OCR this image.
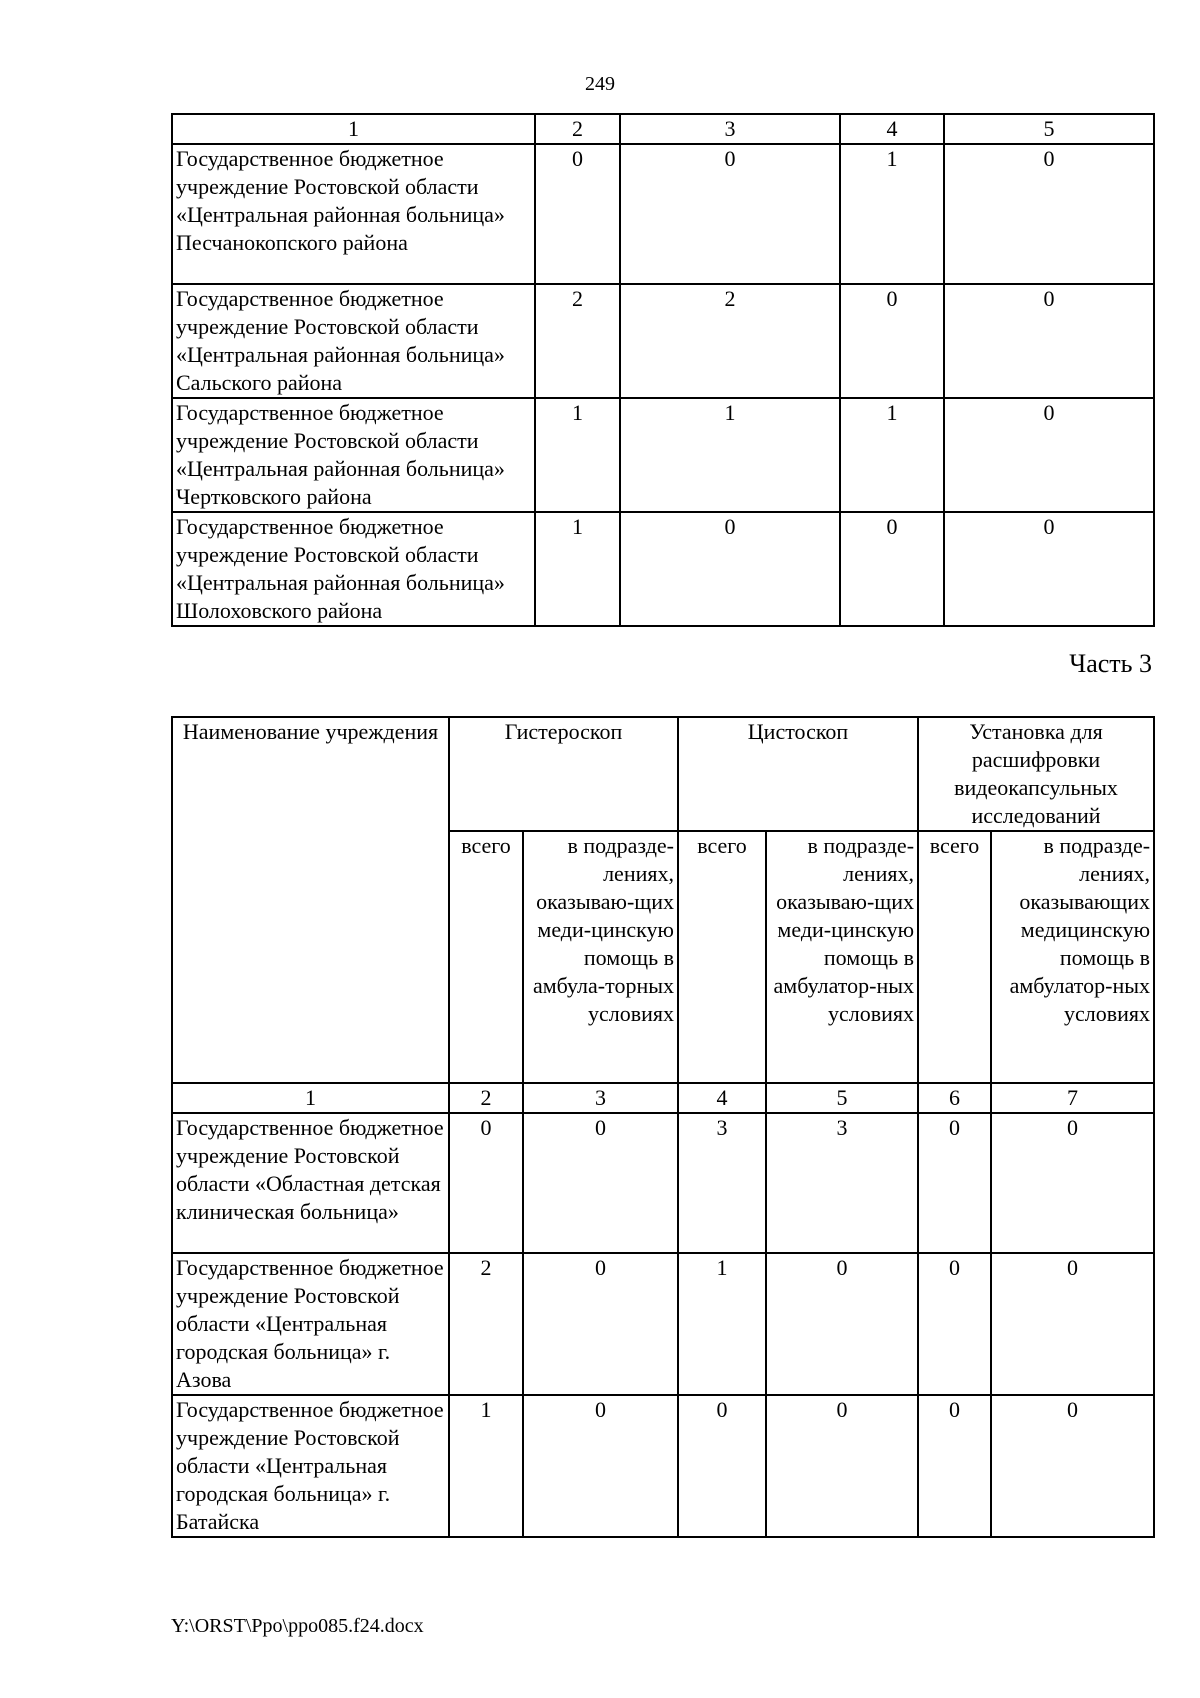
249
1	2	3	4	5
Государственное бюджетное учреждение Ростовской области «Центральная районная больница» Песчанокопского района	0	0	1	0
Государственное бюджетное учреждение Ростовской области «Центральная районная больница» Сальского района	2	2	0	0
Государственное бюджетное учреждение Ростовской области «Центральная районная больница» Чертковского района	1	1	1	0
Государственное бюджетное учреждение Ростовской области «Центральная районная больница» Шолоховского района	1	0	0	0
Часть 3
Наименование учреждения	Гистероскоп		Цистоскоп		Установка для расшифровки видеокапсульных исследований	
	всего	в подразде-лениях, оказываю-щих меди-цинскую помощь в амбула-торных условиях	всего	в подразде-лениях, оказываю-щих меди-цинскую помощь в амбулатор-ных условиях	всего	в подразде-лениях, оказывающих медицинскую помощь в амбулатор-ных условиях
1	2	3	4	5	6	7
Государственное бюджетное учреждение Ростовской области «Областная детская клиническая больница»	0	0	3	3	0	0
Государственное бюджетное учреждение Ростовской области «Центральная городская больница» г. Азова	2	0	1	0	0	0
Государственное бюджетное учреждение Ростовской области «Центральная городская больница» г. Батайска	1	0	0	0	0	0
Y:\ORST\Ppo\ppo085.f24.docx
